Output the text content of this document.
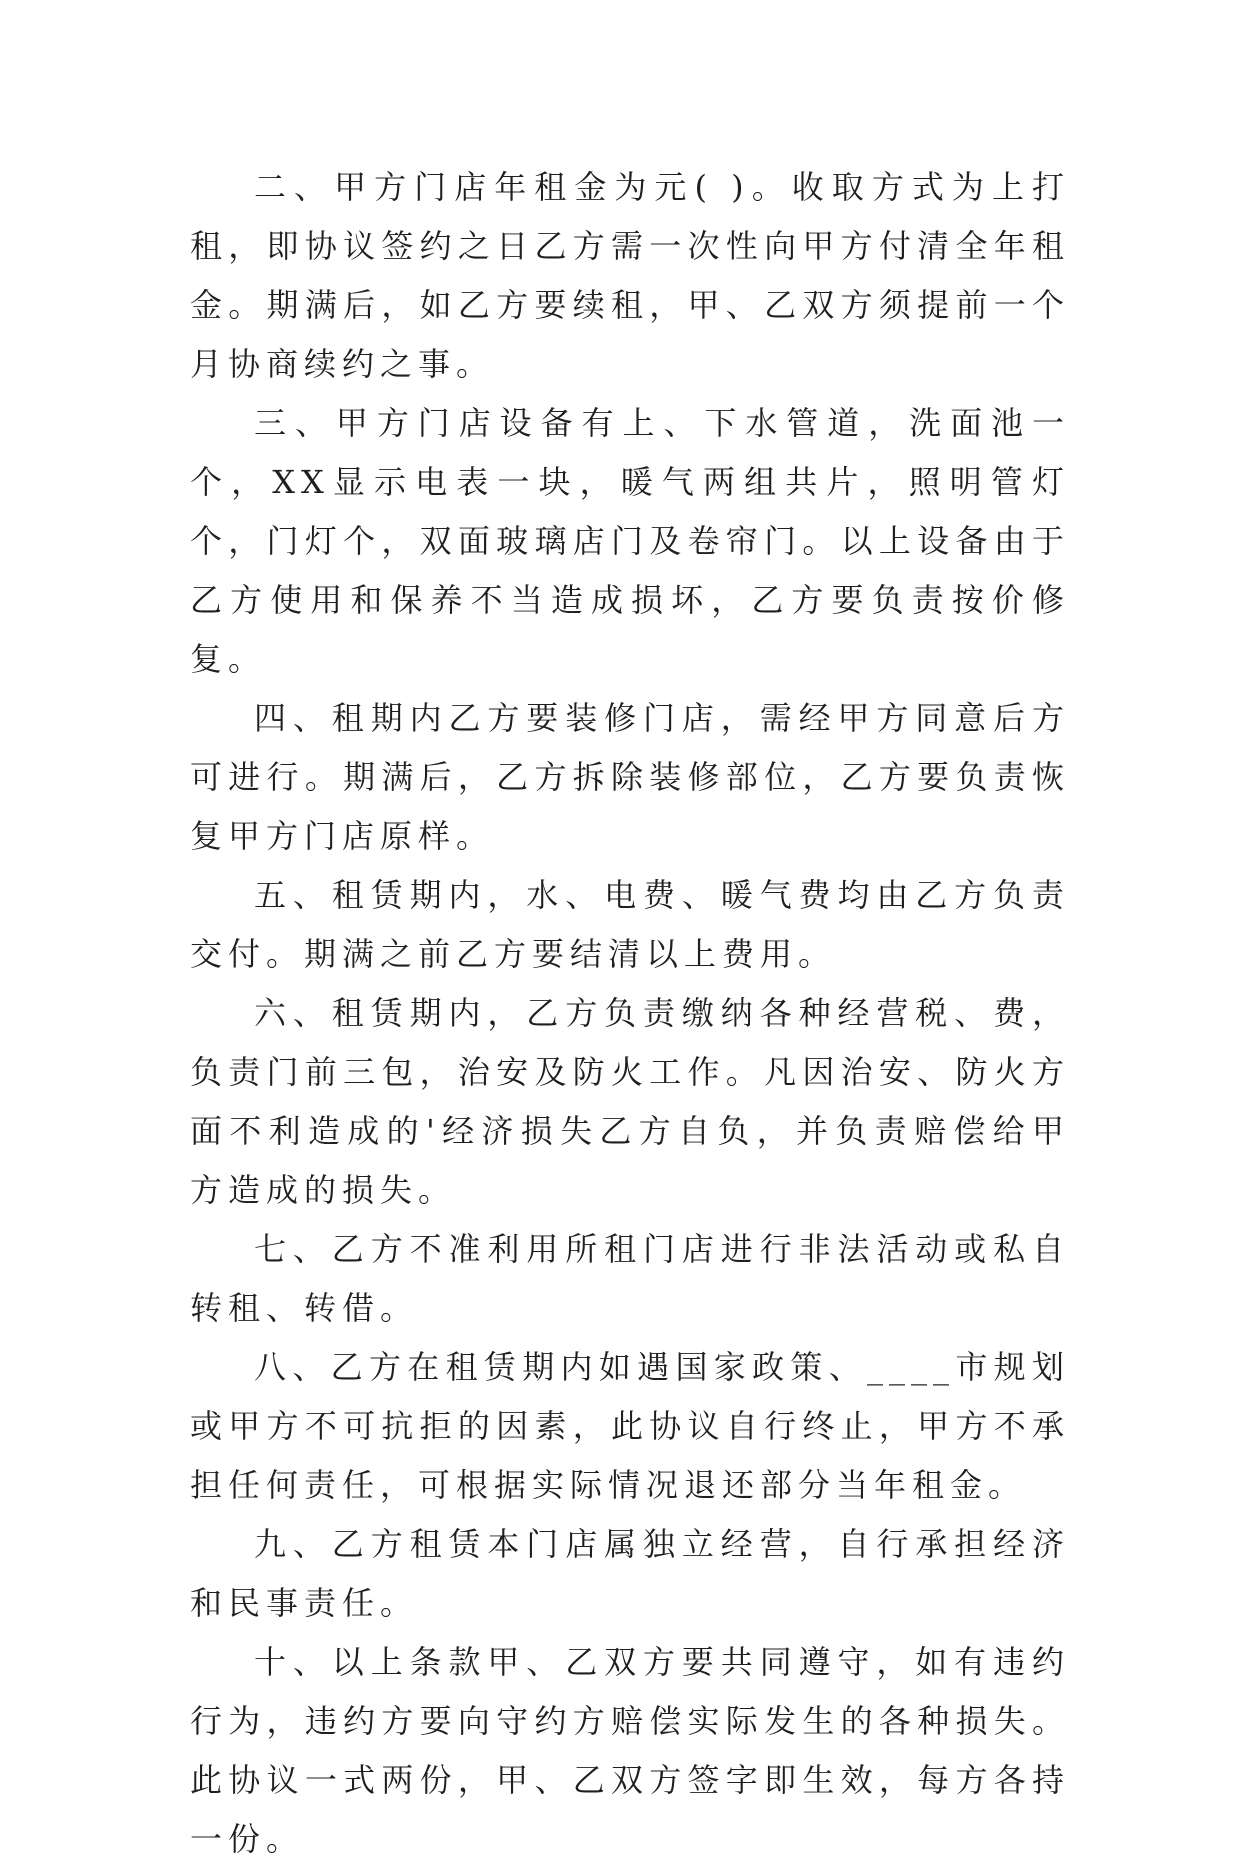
二、甲方门店年租金为元( )。收取方式为上打租，即协议签约之日乙方需一次性向甲方付清全年租金。期满后，如乙方要续租，甲、乙双方须提前一个月协商续约之事。

三、甲方门店设备有上、下水管道，洗面池一个，XX显示电表一块，暖气两组共片，照明管灯个，门灯个，双面玻璃店门及卷帘门。以上设备由于乙方使用和保养不当造成损坏，乙方要负责按价修复。

四、租期内乙方要装修门店，需经甲方同意后方可进行。期满后，乙方拆除装修部位，乙方要负责恢复甲方门店原样。

五、租赁期内，水、电费、暖气费均由乙方负责交付。期满之前乙方要结清以上费用。

六、租赁期内，乙方负责缴纳各种经营税、费，负责门前三包，治安及防火工作。凡因治安、防火方面不利造成的'经济损失乙方自负，并负责赔偿给甲方造成的损失。

七、乙方不准利用所租门店进行非法活动或私自转租、转借。

八、乙方在租赁期内如遇国家政策、____市规划或甲方不可抗拒的因素，此协议自行终止，甲方不承担任何责任，可根据实际情况退还部分当年租金。

九、乙方租赁本门店属独立经营，自行承担经济和民事责任。

十、以上条款甲、乙双方要共同遵守，如有违约行为，违约方要向守约方赔偿实际发生的各种损失。此协议一式两份，甲、乙双方签字即生效，每方各持一份。
